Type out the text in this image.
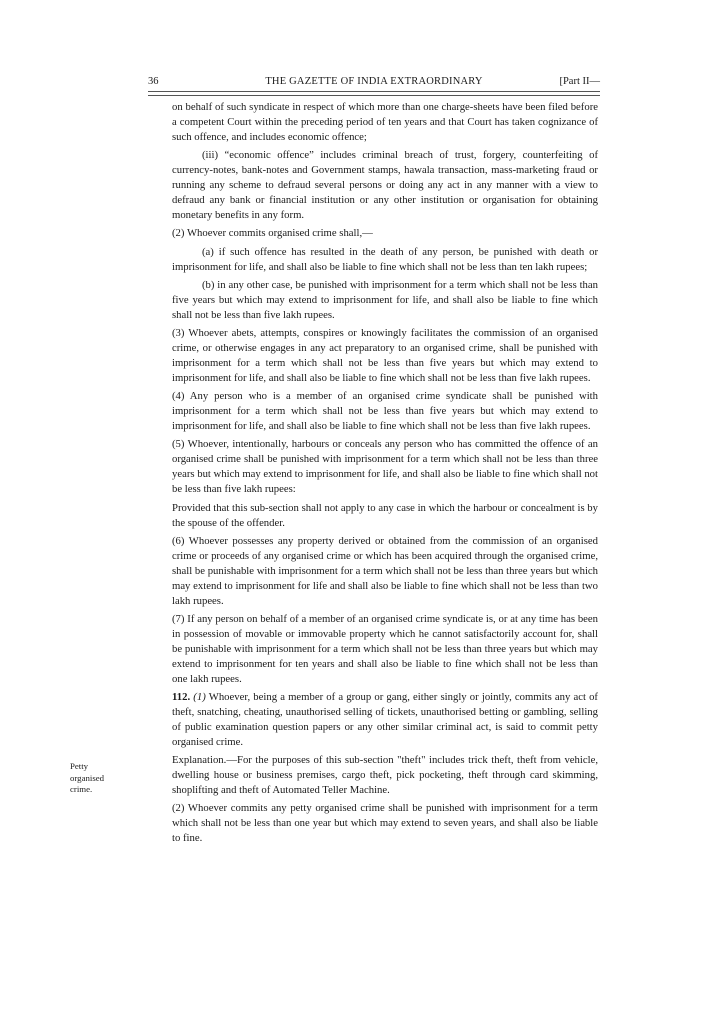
36	THE GAZETTE OF INDIA EXTRAORDINARY	[Part II—
Petty
organised
crime.

on behalf of such syndicate in respect of which more than one charge-sheets have been filed before a competent Court within the preceding period of ten years and that Court has taken cognizance of such offence, and includes economic offence;

(iii) “economic offence” includes criminal breach of trust, forgery, counterfeiting of currency-notes, bank-notes and Government stamps, hawala transaction, mass-marketing fraud or running any scheme to defraud several persons or doing any act in any manner with a view to defraud any bank or financial institution or any other institution or organisation for obtaining monetary benefits in any form.

(2) Whoever commits organised crime shall,—

(a) if such offence has resulted in the death of any person, be punished with death or imprisonment for life, and shall also be liable to fine which shall not be less than ten lakh rupees;

(b) in any other case, be punished with imprisonment for a term which shall not be less than five years but which may extend to imprisonment for life, and shall also be liable to fine which shall not be less than five lakh rupees.

(3) Whoever abets, attempts, conspires or knowingly facilitates the commission of an organised crime, or otherwise engages in any act preparatory to an organised crime, shall be punished with imprisonment for a term which shall not be less than five years but which may extend to imprisonment for life, and shall also be liable to fine which shall not be less than five lakh rupees.

(4) Any person who is a member of an organised crime syndicate shall be punished with imprisonment for a term which shall not be less than five years but which may extend to imprisonment for life, and shall also be liable to fine which shall not be less than five lakh rupees.

(5) Whoever, intentionally, harbours or conceals any person who has committed the offence of an organised crime shall be punished with imprisonment for a term which shall not be less than three years but which may extend to imprisonment for life, and shall also be liable to fine which shall not be less than five lakh rupees:

Provided that this sub-section shall not apply to any case in which the harbour or concealment is by the spouse of the offender.

(6) Whoever possesses any property derived or obtained from the commission of an organised crime or proceeds of any organised crime or which has been acquired through the organised crime, shall be punishable with imprisonment for a term which shall not be less than three years but which may extend to imprisonment for life and shall also be liable to fine which shall not be less than two lakh rupees.

(7) If any person on behalf of a member of an organised crime syndicate is, or at any time has been in possession of movable or immovable property which he cannot satisfactorily account for, shall be punishable with imprisonment for a term which shall not be less than three years but which may extend to imprisonment for ten years and shall also be liable to fine which shall not be less than one lakh rupees.

112. (1) Whoever, being a member of a group or gang, either singly or jointly, commits any act of theft, snatching, cheating, unauthorised selling of tickets, unauthorised betting or gambling, selling of public examination question papers or any other similar criminal act, is said to commit petty organised crime.

Explanation.—For the purposes of this sub-section "theft" includes trick theft, theft from vehicle, dwelling house or business premises, cargo theft, pick pocketing, theft through card skimming, shoplifting and theft of Automated Teller Machine.

(2) Whoever commits any petty organised crime shall be punished with imprisonment for a term which shall not be less than one year but which may extend to seven years, and shall also be liable to fine.
